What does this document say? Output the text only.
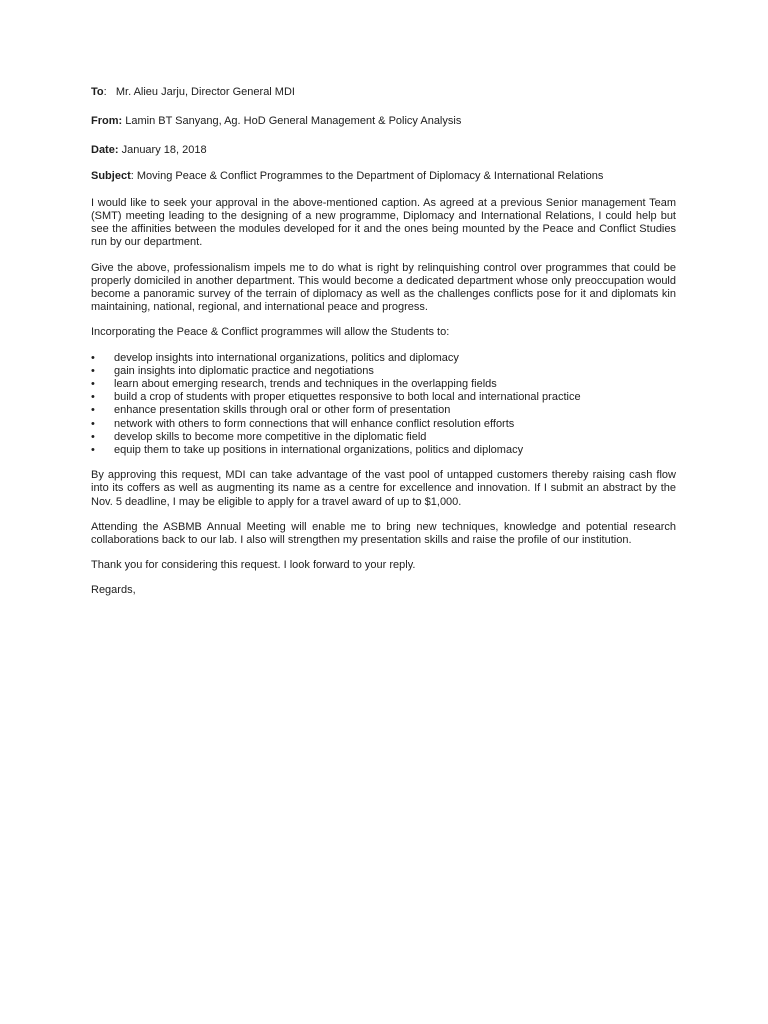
To:   Mr. Alieu Jarju, Director General MDI

From: Lamin BT Sanyang, Ag. HoD General Management & Policy Analysis

Date: January 18, 2018

Subject: Moving Peace & Conflict Programmes to the Department of Diplomacy & International Relations

I would like to seek your approval in the above-mentioned caption. As agreed at a previous Senior management Team (SMT) meeting leading to the designing of a new programme, Diplomacy and International Relations, I could help but see the affinities between the modules developed for it and the ones being mounted by the Peace and Conflict Studies run by our department.

Give the above, professionalism impels me to do what is right by relinquishing control over programmes that could be properly domiciled in another department. This would become a dedicated department whose only preoccupation would become a panoramic survey of the terrain of diplomacy as well as the challenges conflicts pose for it and diplomats kin maintaining, national, regional, and international peace and progress.

Incorporating the Peace & Conflict programmes will allow the Students to:

• develop insights into international organizations, politics and diplomacy
• gain insights into diplomatic practice and negotiations
• learn about emerging research, trends and techniques in the overlapping fields
• build a crop of students with proper etiquettes responsive to both local and international practice
• enhance presentation skills through oral or other form of presentation
• network with others to form connections that will enhance conflict resolution efforts
• develop skills to become more competitive in the diplomatic field
• equip them to take up positions in international organizations, politics and diplomacy

By approving this request, MDI can take advantage of the vast pool of untapped customers thereby raising cash flow into its coffers as well as augmenting its name as a centre for excellence and innovation. If I submit an abstract by the Nov. 5 deadline, I may be eligible to apply for a travel award of up to $1,000.

Attending the ASBMB Annual Meeting will enable me to bring new techniques, knowledge and potential research collaborations back to our lab. I also will strengthen my presentation skills and raise the profile of our institution.

Thank you for considering this request. I look forward to your reply.

Regards,
